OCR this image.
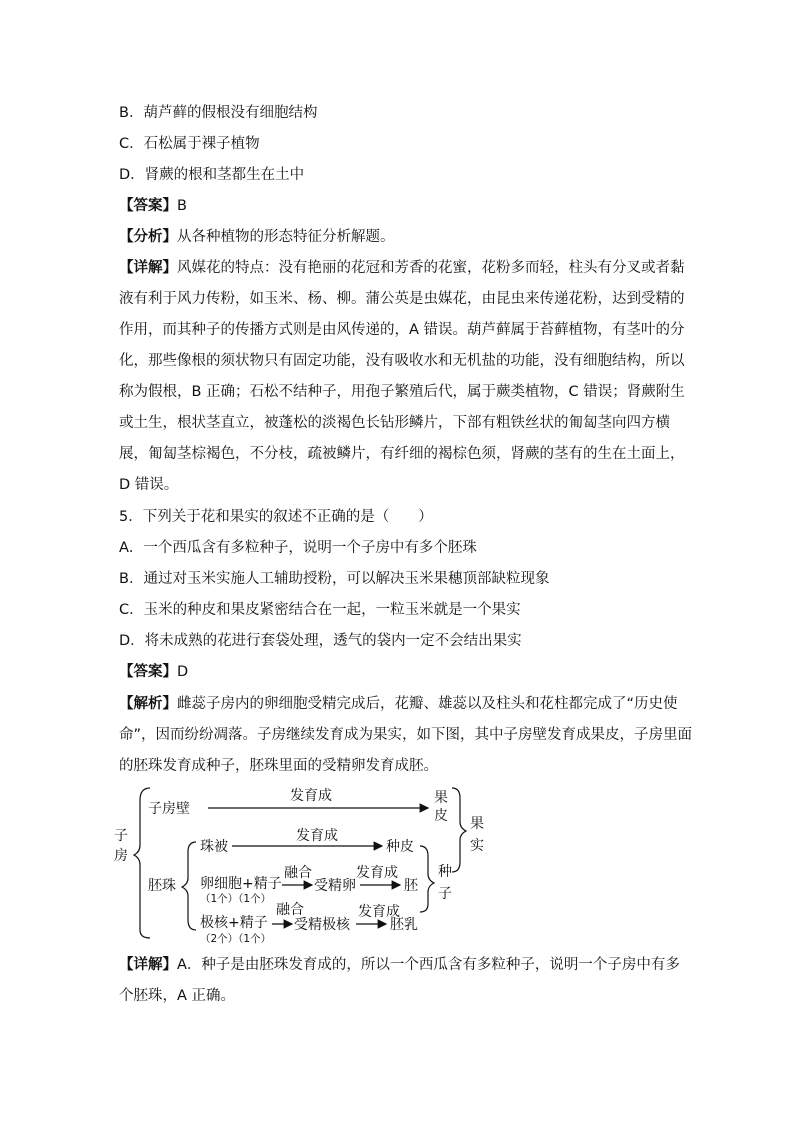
B．葫芦藓的假根没有细胞结构
C．石松属于裸子植物
D．肾蕨的根和茎都生在土中
【答案】B
【分析】从各种植物的形态特征分析解题。
【详解】风媒花的特点：没有艳丽的花冠和芳香的花蜜，花粉多而轻，柱头有分叉或者黏
液有利于风力传粉，如玉米、杨、柳。蒲公英是虫媒花，由昆虫来传递花粉，达到受精的
作用，而其种子的传播方式则是由风传递的，A 错误。葫芦藓属于苔藓植物，有茎叶的分
化，那些像根的须状物只有固定功能，没有吸收水和无机盐的功能，没有细胞结构，所以
称为假根，B 正确；石松不结种子，用孢子繁殖后代，属于蕨类植物，C 错误；肾蕨附生
或土生，根状茎直立，被蓬松的淡褐色长钻形鳞片，下部有粗铁丝状的匍匐茎向四方横
展，匍匐茎棕褐色，不分枝，疏被鳞片，有纤细的褐棕色须，肾蕨的茎有的生在土面上，
D 错误。
5．下列关于花和果实的叙述不正确的是（　　）
A．一个西瓜含有多粒种子，说明一个子房中有多个胚珠
B．通过对玉米实施人工辅助授粉，可以解决玉米果穗顶部缺粒现象
C．玉米的种皮和果皮紧密结合在一起，一粒玉米就是一个果实
D．将未成熟的花进行套袋处理，透气的袋内一定不会结出果实
【答案】D
【解析】雌蕊子房内的卵细胞受精完成后，花瓣、雄蕊以及柱头和花柱都完成了“历史使
命”，因而纷纷凋落。子房继续发育成为果实，如下图，其中子房壁发育成果皮，子房里面
的胚珠发育成种子，胚珠里面的受精卵发育成胚。
子
房
子房壁
发育成	果
皮 果
实
珠被
发育成
种皮
胚珠 卵细胞+精子
（1个）（1个）
融合
受精卵
发育成
胚
种
子
极核+精子
（2个）（1个）
融合
受精极核
发育成
胚乳
【详解】A．种子是由胚珠发育成的，所以一个西瓜含有多粒种子，说明一个子房中有多
个胚珠，A 正确。
